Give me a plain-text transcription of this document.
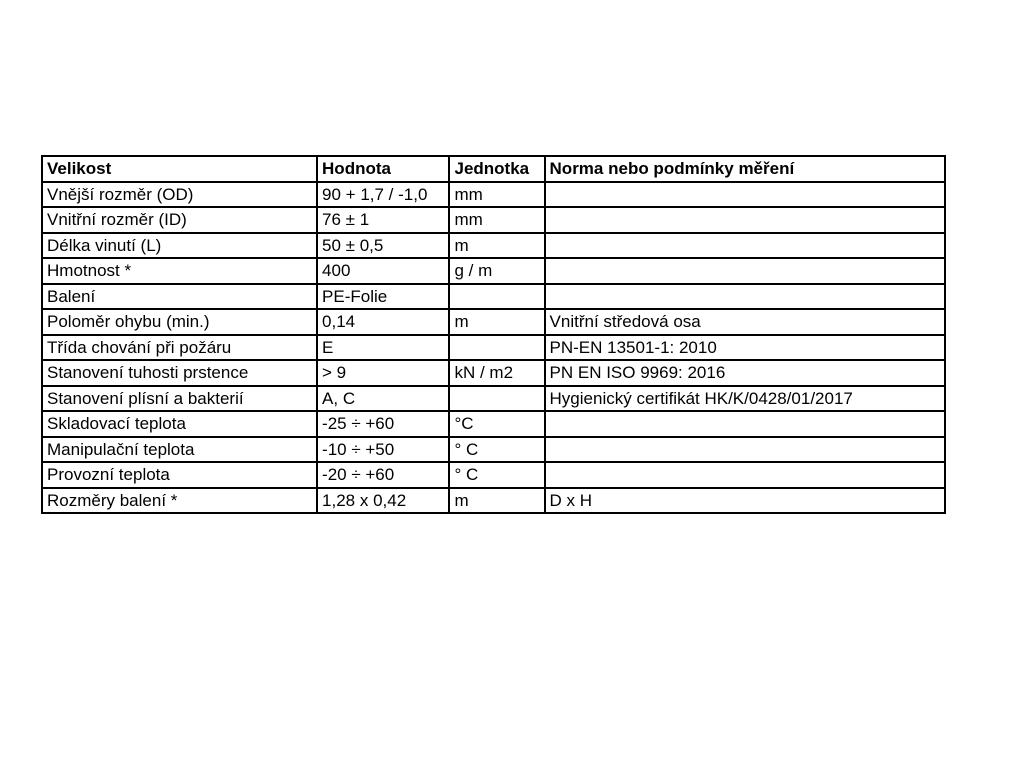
Velikost	Hodnota	Jednotka	Norma nebo podmínky měření
Vnější rozměr (OD)	90 + 1,7 / -1,0	mm	
Vnitřní rozměr (ID)	76 ± 1	mm	
Délka vinutí (L)	50 ± 0,5	m	
Hmotnost *	400	g / m	
Balení	PE-Folie		
Poloměr ohybu (min.)	0,14	m	Vnitřní středová osa
Třída chování při požáru	E		PN-EN 13501-1: 2010
Stanovení tuhosti prstence	> 9	kN / m2	PN EN ISO 9969: 2016
Stanovení plísní a bakterií	A, C		Hygienický certifikát HK/K/0428/01/2017
Skladovací teplota	-25 ÷ +60	°C	
Manipulační teplota	-10 ÷ +50	° C	
Provozní teplota	-20 ÷ +60	° C	
Rozměry balení *	1,28 x 0,42	m	D x H
